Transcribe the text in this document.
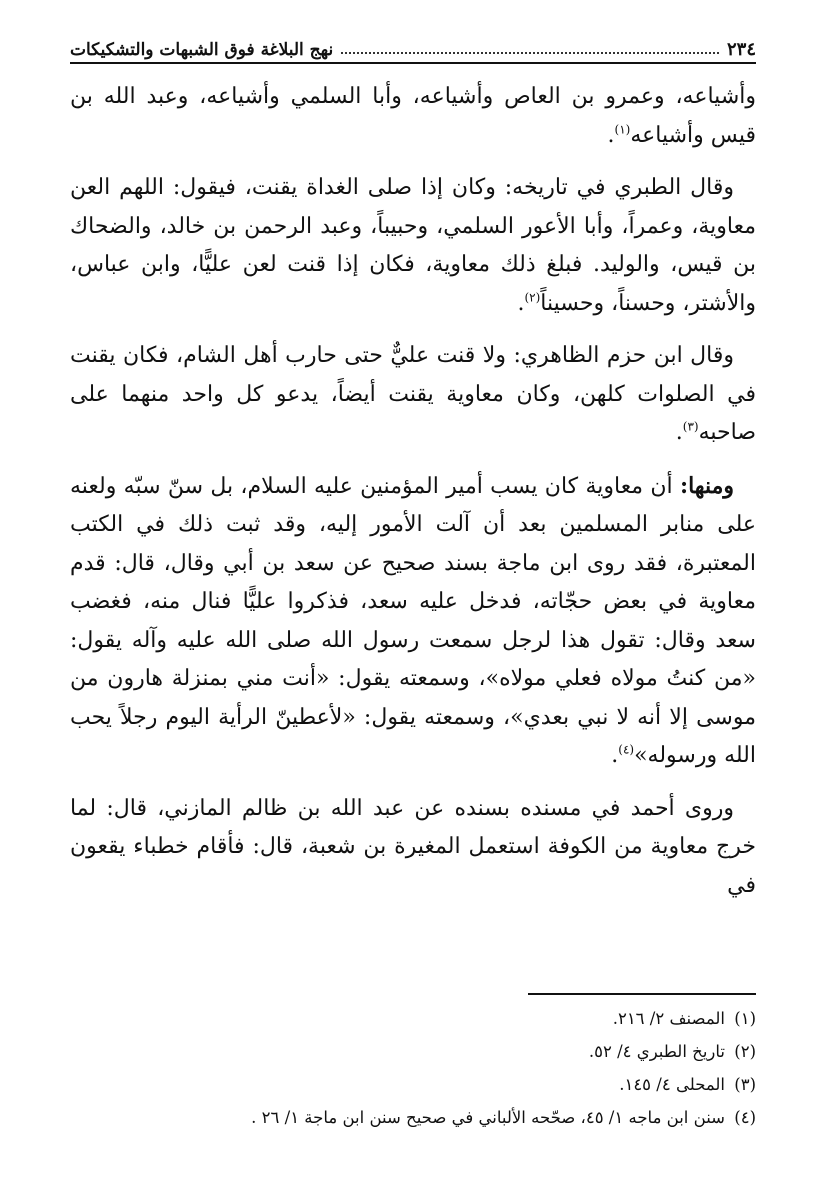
٢٣٤
نهج البلاغة فوق الشبهات والتشكيكات

وأشياعه، وعمرو بن العاص وأشياعه، وأبا السلمي وأشياعه، وعبد الله بن قيس وأشياعه$^{(١)}$.

وقال الطبري في تاريخه: وكان إذا صلى الغداة يقنت، فيقول: اللهم العن معاوية، وعمراً، وأبا الأعور السلمي، وحبيباً، وعبد الرحمن بن خالد، والضحاك بن قيس، والوليد. فبلغ ذلك معاوية، فكان إذا قنت لعن عليًّا، وابن عباس، والأشتر، وحسناً، وحسيناً$^{(٢)}$.

وقال ابن حزم الظاهري: ولا قنت عليٌّ حتى حارب أهل الشام، فكان يقنت في الصلوات كلهن، وكان معاوية يقنت أيضاً، يدعو كل واحد منهما على صاحبه$^{(٣)}$.

ومنها: أن معاوية كان يسب أمير المؤمنين عليه السلام، بل سنّ سبّه ولعنه على منابر المسلمين بعد أن آلت الأمور إليه، وقد ثبت ذلك في الكتب المعتبرة، فقد روى ابن ماجة بسند صحيح عن سعد بن أبي وقال، قال: قدم معاوية في بعض حجّاته، فدخل عليه سعد، فذكروا عليًّا فنال منه، فغضب سعد وقال: تقول هذا لرجل سمعت رسول الله صلى الله عليه وآله يقول: «من كنتُ مولاه فعلي مولاه»، وسمعته يقول: «أنت مني بمنزلة هارون من موسى إلا أنه لا نبي بعدي»، وسمعته يقول: «لأعطينّ الرأية اليوم رجلاً يحب الله ورسوله»$^{(٤)}$.

وروى أحمد في مسنده بسنده عن عبد الله بن ظالم المازني، قال: لما خرج معاوية من الكوفة استعمل المغيرة بن شعبة، قال: فأقام خطباء يقعون في

(١) المصنف ٢/ ٢١٦.
(٢) تاريخ الطبري ٤/ ٥٢.
(٣) المحلى ٤/ ١٤٥.
(٤) سنن ابن ماجه ١/ ٤٥، صحّحه الألباني في صحيح سنن ابن ماجة ١/ ٢٦ .
